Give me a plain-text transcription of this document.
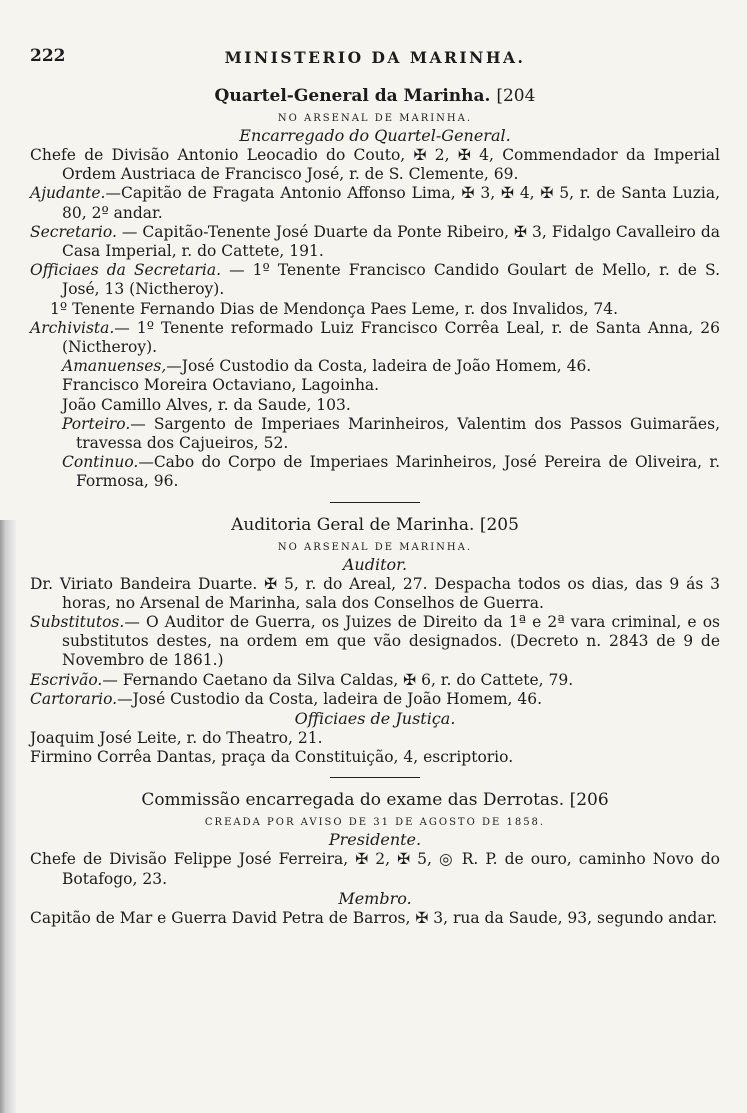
222	MINISTERIO DA MARINHA.
Quartel-General da Marinha. [204
NO ARSENAL DE MARINHA.
Encarregado do Quartel-General.

Chefe de Divisão Antonio Leocadio do Couto, ✠ 2, ✠ 4, Commendador da Imperial Ordem Austriaca de Francisco José, r. de S. Clemente, 69.

Ajudante.—Capitão de Fragata Antonio Affonso Lima, ✠ 3, ✠ 4, ✠ 5, r. de Santa Luzia, 80, 2º andar.

Secretario. — Capitão-Tenente José Duarte da Ponte Ribeiro, ✠ 3, Fidalgo Cavalleiro da Casa Imperial, r. do Cattete, 191.

Officiaes da Secretaria. — 1º Tenente Francisco Candido Goulart de Mello, r. de S. José, 13 (Nictheroy).

1º Tenente Fernando Dias de Mendonça Paes Leme, r. dos Invalidos, 74.

Archivista.— 1º Tenente reformado Luiz Francisco Corrêa Leal, r. de Santa Anna, 26 (Nictheroy).

Amanuenses,—José Custodio da Costa, ladeira de João Homem, 46.

Francisco Moreira Octaviano, Lagoinha.

João Camillo Alves, r. da Saude, 103.

Porteiro.— Sargento de Imperiaes Marinheiros, Valentim dos Passos Guimarães, travessa dos Cajueiros, 52.

Continuo.—Cabo do Corpo de Imperiaes Marinheiros, José Pereira de Oliveira, r. Formosa, 96.

Auditoria Geral de Marinha. [205
NO ARSENAL DE MARINHA.
Auditor.

Dr. Viriato Bandeira Duarte. ✠ 5, r. do Areal, 27. Despacha todos os dias, das 9 ás 3 horas, no Arsenal de Marinha, sala dos Conselhos de Guerra.

Substitutos.— O Auditor de Guerra, os Juizes de Direito da 1ª e 2ª vara criminal, e os substitutos destes, na ordem em que vão designados. (Decreto n. 2843 de 9 de Novembro de 1861.)

Escrivão.— Fernando Caetano da Silva Caldas, ✠ 6, r. do Cattete, 79.

Cartorario.—José Custodio da Costa, ladeira de João Homem, 46.

Officiaes de Justiça.

Joaquim José Leite, r. do Theatro, 21.

Firmino Corrêa Dantas, praça da Constituição, 4, escriptorio.

Commissão encarregada do exame das Derrotas. [206
CREADA POR AVISO DE 31 DE AGOSTO DE 1858.
Presidente.

Chefe de Divisão Felippe José Ferreira, ✠ 2, ✠ 5, ◎ R. P. de ouro, caminho Novo do Botafogo, 23.

Membro.

Capitão de Mar e Guerra David Petra de Barros, ✠ 3, rua da Saude, 93, segundo andar.
